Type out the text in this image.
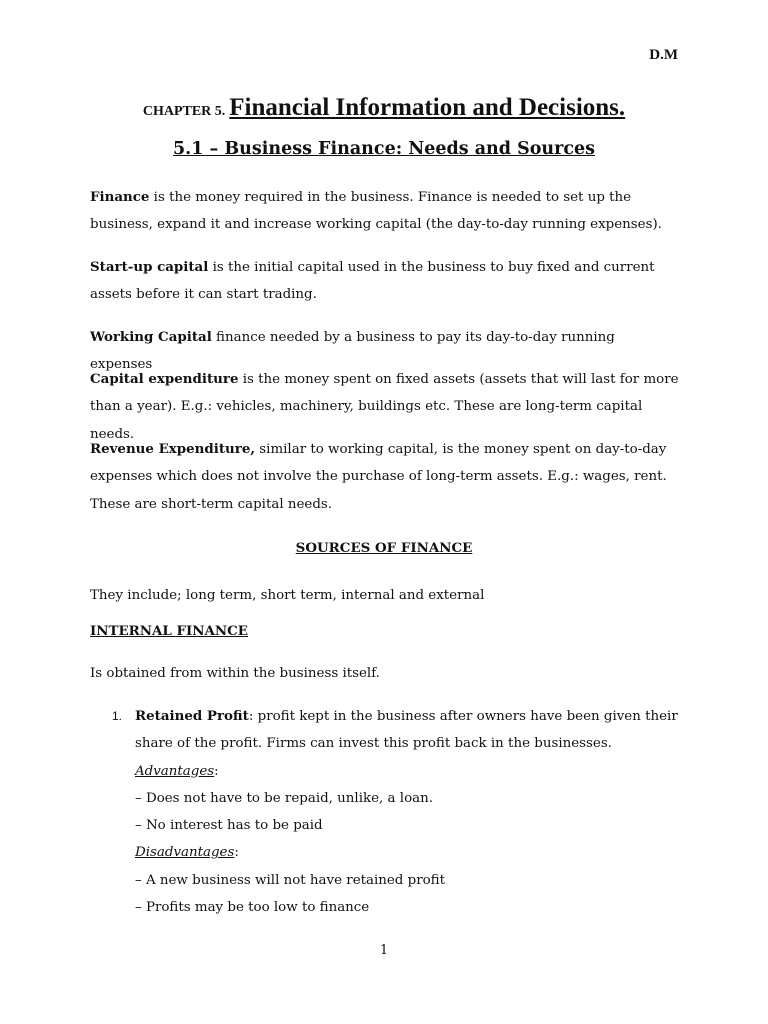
D.M
CHAPTER 5. Financial Information and Decisions.
5.1 – Business Finance: Needs and Sources

Finance is the money required in the business. Finance is needed to set up the business, expand it and increase working capital (the day-to-day running expenses).

Start-up capital is the initial capital used in the business to buy fixed and current assets before it can start trading.

Working Capital finance needed by a business to pay its day-to-day running expenses

Capital expenditure is the money spent on fixed assets (assets that will last for more than a year). E.g.: vehicles, machinery, buildings etc. These are long-term capital needs.

Revenue Expenditure, similar to working capital, is the money spent on day-to-day expenses which does not involve the purchase of long-term assets. E.g.: wages, rent. These are short-term capital needs.

SOURCES OF FINANCE

They include; long term, short term, internal and external

INTERNAL FINANCE

Is obtained from within the business itself.

1. Retained Profit: profit kept in the business after owners have been given their share of the profit. Firms can invest this profit back in the businesses.
Advantages:
– Does not have to be repaid, unlike, a loan.
– No interest has to be paid
Disadvantages:
– A new business will not have retained profit
– Profits may be too low to finance
1
